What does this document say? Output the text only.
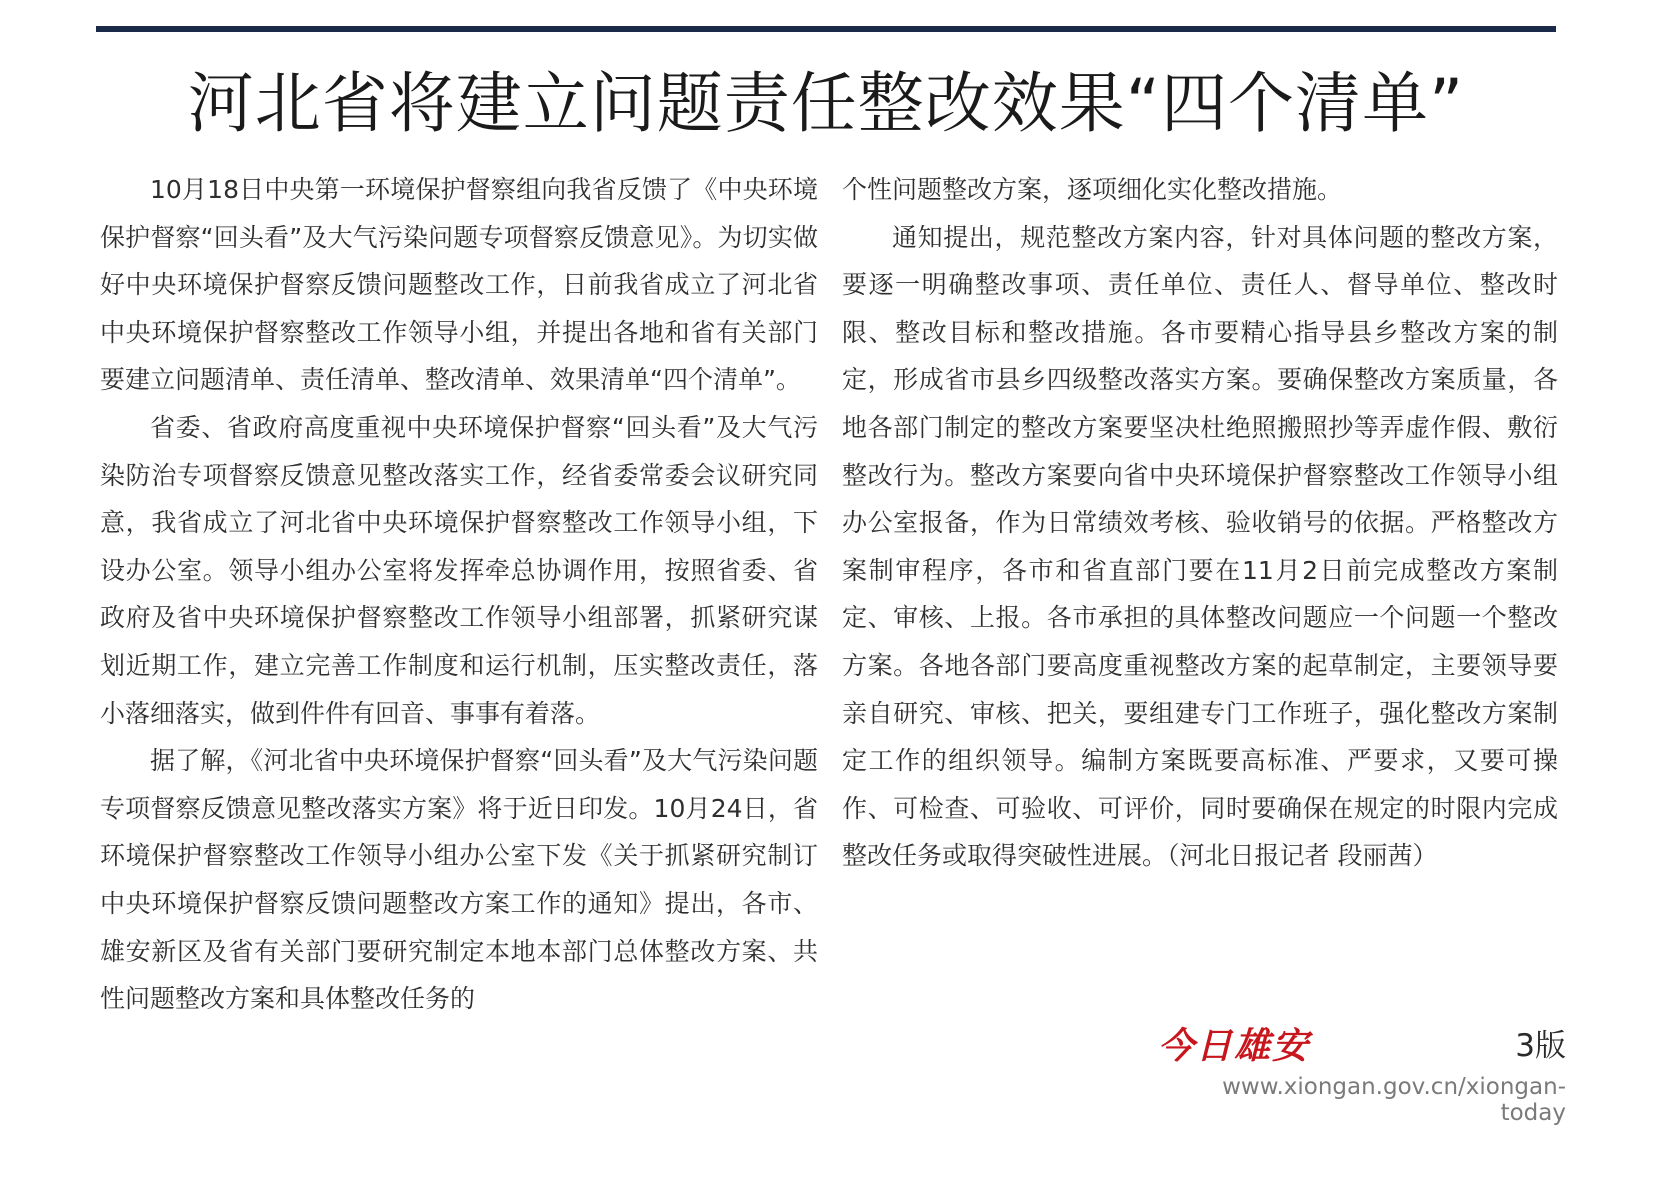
河北省将建立问题责任整改效果“四个清单”

10月18日中央第一环境保护督察组向我省反馈了《中央环境保护督察“回头看”及大气污染问题专项督察反馈意见》。为切实做好中央环境保护督察反馈问题整改工作，日前我省成立了河北省中央环境保护督察整改工作领导小组，并提出各地和省有关部门要建立问题清单、责任清单、整改清单、效果清单“四个清单”。

省委、省政府高度重视中央环境保护督察“回头看”及大气污染防治专项督察反馈意见整改落实工作，经省委常委会议研究同意，我省成立了河北省中央环境保护督察整改工作领导小组，下设办公室。领导小组办公室将发挥牵总协调作用，按照省委、省政府及省中央环境保护督察整改工作领导小组部署，抓紧研究谋划近期工作，建立完善工作制度和运行机制，压实整改责任，落小落细落实，做到件件有回音、事事有着落。

据了解，《河北省中央环境保护督察“回头看”及大气污染问题专项督察反馈意见整改落实方案》将于近日印发。10月24日，省环境保护督察整改工作领导小组办公室下发《关于抓紧研究制订中央环境保护督察反馈问题整改方案工作的通知》提出，各市、雄安新区及省有关部门要研究制定本地本部门总体整改方案、共性问题整改方案和具体整改任务的

个性问题整改方案，逐项细化实化整改措施。

通知提出，规范整改方案内容，针对具体问题的整改方案，要逐一明确整改事项、责任单位、责任人、督导单位、整改时限、整改目标和整改措施。各市要精心指导县乡整改方案的制定，形成省市县乡四级整改落实方案。要确保整改方案质量，各地各部门制定的整改方案要坚决杜绝照搬照抄等弄虚作假、敷衍整改行为。整改方案要向省中央环境保护督察整改工作领导小组办公室报备，作为日常绩效考核、验收销号的依据。严格整改方案制审程序，各市和省直部门要在11月2日前完成整改方案制定、审核、上报。各市承担的具体整改问题应一个问题一个整改方案。各地各部门要高度重视整改方案的起草制定，主要领导要亲自研究、审核、把关，要组建专门工作班子，强化整改方案制定工作的组织领导。编制方案既要高标准、严要求，又要可操作、可检查、可验收、可评价，同时要确保在规定的时限内完成整改任务或取得突破性进展。（河北日报记者 段丽茜）

今日雄安	3版
www.xiongan.gov.cn/xiongan-today
